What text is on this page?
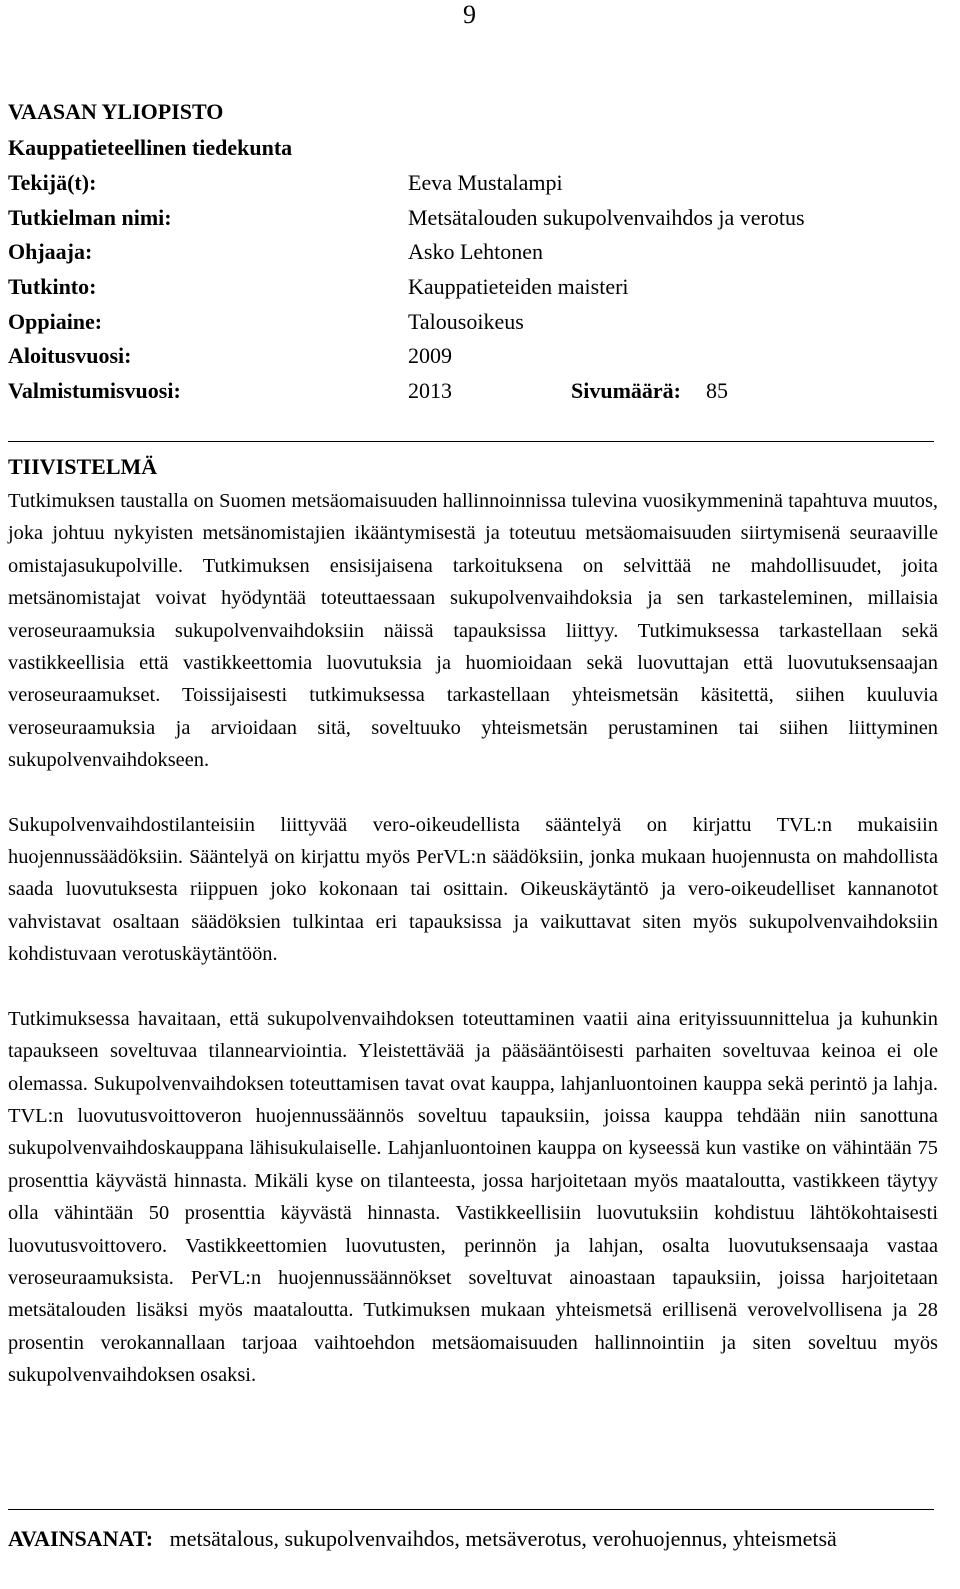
9
VAASAN YLIOPISTO
Kauppatieteellinen tiedekunta
Tekijä(t):	Eeva Mustalampi
Tutkielman nimi:	Metsätalouden sukupolvenvaihdos ja verotus
Ohjaaja:	Asko Lehtonen
Tutkinto:	Kauppatieteiden maisteri
Oppiaine:	Talousoikeus
Aloitusvuosi:	2009
Valmistumisvuosi:	2013	Sivumäärä: 85
TIIVISTELMÄ

Tutkimuksen taustalla on Suomen metsäomaisuuden hallinnoinnissa tulevina vuosikymmeninä tapahtuva muutos, joka johtuu nykyisten metsänomistajien ikääntymisestä ja toteutuu metsäomaisuuden siirtymisenä seuraaville omistajasukupolville. Tutkimuksen ensisijaisena tarkoituksena on selvittää ne mahdollisuudet, joita metsänomistajat voivat hyödyntää toteuttaessaan sukupolvenvaihdoksia ja sen tarkasteleminen, millaisia veroseuraamuksia sukupolvenvaihdoksiin näissä tapauksissa liittyy. Tutkimuksessa tarkastellaan sekä vastikkeellisia että vastikkeettomia luovutuksia ja huomioidaan sekä luovuttajan että luovutuksensaajan veroseuraamukset. Toissijaisesti tutkimuksessa tarkastellaan yhteismetsän käsitettä, siihen kuuluvia veroseuraamuksia ja arvioidaan sitä, soveltuuko yhteismetsän perustaminen tai siihen liittyminen sukupolvenvaihdokseen.

Sukupolvenvaihdostilanteisiin liittyvää vero-oikeudellista sääntelyä on kirjattu TVL:n mukaisiin huojennussäädöksiin. Sääntelyä on kirjattu myös PerVL:n säädöksiin, jonka mukaan huojennusta on mahdollista saada luovutuksesta riippuen joko kokonaan tai osittain. Oikeuskäytäntö ja vero-oikeudelliset kannanotot vahvistavat osaltaan säädöksien tulkintaa eri tapauksissa ja vaikuttavat siten myös sukupolvenvaihdoksiin kohdistuvaan verotuskäytäntöön.

Tutkimuksessa havaitaan, että sukupolvenvaihdoksen toteuttaminen vaatii aina erityissuunnittelua ja kuhunkin tapaukseen soveltuvaa tilannearviointia. Yleistettävää ja pääsääntöisesti parhaiten soveltuvaa keinoa ei ole olemassa. Sukupolvenvaihdoksen toteuttamisen tavat ovat kauppa, lahjanluontoinen kauppa sekä perintö ja lahja. TVL:n luovutusvoittoveron huojennussäännös soveltuu tapauksiin, joissa kauppa tehdään niin sanottuna sukupolvenvaihdoskauppana lähisukulaiselle. Lahjanluontoinen kauppa on kyseessä kun vastike on vähintään 75 prosenttia käyvästä hinnasta. Mikäli kyse on tilanteesta, jossa harjoitetaan myös maataloutta, vastikkeen täytyy olla vähintään 50 prosenttia käyvästä hinnasta. Vastikkeellisiin luovutuksiin kohdistuu lähtökohtaisesti luovutusvoittovero. Vastikkeettomien luovutusten, perinnön ja lahjan, osalta luovutuksensaaja vastaa veroseuraamuksista. PerVL:n huojennussäännökset soveltuvat ainoastaan tapauksiin, joissa harjoitetaan metsätalouden lisäksi myös maataloutta. Tutkimuksen mukaan yhteismetsä erillisenä verovelvollisena ja 28 prosentin verokannallaan tarjoaa vaihtoehdon metsäomaisuuden hallinnointiin ja siten soveltuu myös sukupolvenvaihdoksen osaksi.

AVAINSANAT: metsätalous, sukupolvenvaihdos, metsäverotus, verohuojennus, yhteismetsä
